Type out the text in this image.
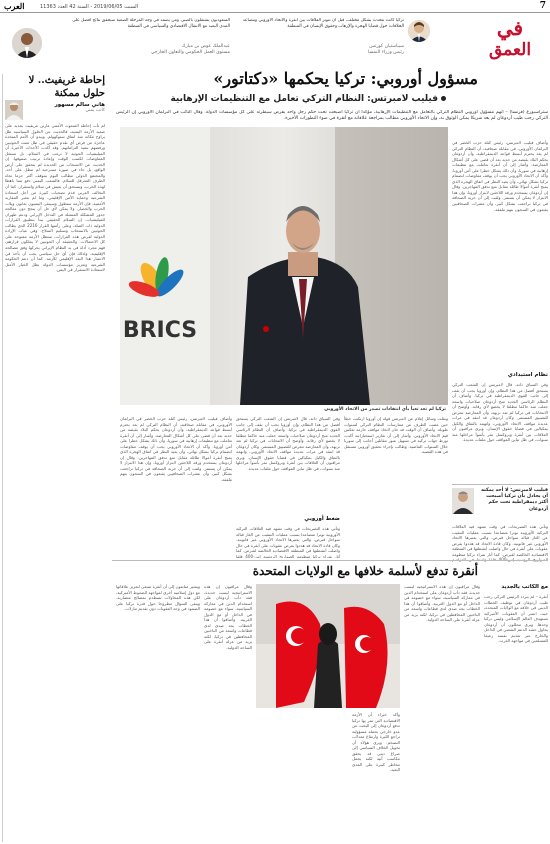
7
العرب	السبت 2019/06/05 - السنة 42 العدد 11363
في
العمق
تركيا كانت تتحدث بشكل مختلف، قبل أن تتوتر العلاقات بين أنقرة والاتحاد الأوروبي وتتصاعد الخلافات حول قضايا الهجرة والإرهاب وحقوق الإنسان في المنطقة
سيباستيان كورتس
رئيس وزراء النمسا
السعوديون يشتغلون بالصبر، ومن يصمد في وجه المرحلة الصعبة سيحقق نتائج أفضل على المدى البعيد مع الانتقال الاقتصادي والسياسي في المنطقة
عبدالملك عوض بن مبارك
مستوى العمل الحكومي والتعاون الخارجي
إحاطة غريفيث.. لا حلول ممكنة
هاني سالم مسهور
كاتب يمني
لم تأت إحاطة المبعوث الأممي مارتن غريفيث بجديد على صعيد الأزمة اليمنية، فالحديث عن الحلول السياسية ظل يراوح مكانه منذ اتفاق ستوكهولم. ويبدو أن الأمم المتحدة عاجزة عن فرض أي تقدم حقيقي في ظل تعنت الحوثيين ورفضهم تنفيذ التزاماتهم. وقد أكدت الأحداث الأخيرة أن الميليشيات الحوثية لا ترغب في السلام، بل تستغل المفاوضات لكسب الوقت وإعادة ترتيب صفوفها. إن الحديث عن الانسحاب من الحديدة لم يتحقق على أرض الواقع، بل جاء في صورة مسرحية لم تنطل على أحد. والمجتمع الدولي مطالب اليوم بموقف أكثر حزما تجاه الطرف المعرقل للسلام. فالشعب اليمني دفع ثمنا باهظا لهذه الحرب، ويستحق أن يعيش في سلام واستقرار. كما أن التحالف العربي قدم تضحيات كبيرة من أجل استعادة الشرعية وحماية الأمن الإقليمي. وما لم تتغير المقاربة الأممية، فإن الأزمة ستطول وسيبقى اليمنيون يعانون ويلات الحرب والحصار. ولا يمكن لأي حل أن ينجح دون معالجة جذور المشكلة المتمثلة في التدخل الإيراني ودعم طهران للميليشيات. إن السلام الحقيقي يبدأ بتطبيق القرارات الدولية ذات الصلة، وعلى رأسها القرار 2216 الذي يطالب الحوثيين بالانسحاب وتسليم السلاح. وفي غياب الإرادة الدولية لفرض هذه القرارات، ستظل الأزمة مفتوحة على كل الاحتمالات. والحقيقة أن الحوثيين لا يملكون قرارهم، فهم مجرد أداة في يد النظام الإيراني يحركها وفق مصالحه الإقليمية. ولذلك فإن أي حل سياسي يجب أن يأخذ في الاعتبار هذا البعد الإقليمي للأزمة. كما أن دعم الحكومة الشرعية وتعزيز مؤسسات الدولة يظل الخيار الأمثل لاستعادة الاستقرار في اليمن.
مسؤول أوروبي: تركيا يحكمها «دكتاتور»
فيليب لامبرتس: النظام التركي تعامل مع التنظيمات الإرهابية
ستراسبورغ (فرنسا) – اتهم مسؤول أوروبي النظام التركي بالتعامل مع التنظيمات الإرهابية، مؤكدا أن تركيا أصبحت تحت حكم رجل واحد يفرض سيطرته على كل مؤسسات الدولة. وقال النائب في البرلمان الأوروبي إن الرئيس التركي رجب طيب أردوغان لم يعد شريكا يمكن الوثوق به، وإن الاتحاد الأوروبي مطالب بمراجعة علاقاته مع أنقرة في ضوء التطورات الأخيرة.
وأضاف فيليب لامبرتس، رئيس كتلة حزب الخضر في البرلمان الأوروبي، في مقابلة صحافية، أن النظام التركي لم يعد يحترم أبسط قواعد الديمقراطية، وأن أردوغان يحكم البلاد بقبضة من حديد بعد أن قضى على كل أشكال المعارضة. وأشار إلى أن أنقرة تعاملت مع تنظيمات إرهابية في سوريا، وأن ذلك يشكل خطرا على أمن أوروبا. وأكد أن الاتحاد الأوروبي يجب أن يوقف مفاوضات انضمام تركيا بشكل نهائي، وأن يعيد النظر في اتفاق الهجرة الذي يمنح أنقرة أموالا طائلة مقابل منع تدفق المهاجرين. وقال إن أردوغان يستخدم ورقة اللاجئين لابتزاز أوروبا، وإن هذا الابتزاز لا يمكن أن يستمر. ولفت إلى أن حرية الصحافة في تركيا تراجعت بشكل كبير، وأن عشرات الصحافيين يقبعون في السجون بتهم ملفقة.
نظام استبدادي
وفي السياق ذاته، قال لامبرتس إن الشعب التركي يستحق أفضل من هذا النظام، وإن أوروبا يجب أن تقف إلى جانب القوى الديمقراطية في تركيا. وأضاف أن النظام الرئاسي الجديد منح أردوغان صلاحيات واسعة جعلت منه حاكما مطلقا لا يخضع لأي رقابة. وأوضح أن الانتخابات في تركيا لم تعد نزيهة، وأن المعارضة تتعرض للتضييق المستمر. وكان أردوغان قد انتقد في مرات عديدة مواقف الاتحاد الأوروبي، واتهمه بالنفاق والكيل بمكيالين في قضايا حقوق الإنسان. ويرى مراقبون أن العلاقات بين أنقرة وبروكسل تمر بأسوأ مراحلها منذ سنوات، في ظل تباين المواقف حول ملفات عديدة.
فيليب لامبرتس: لا أحد يمكنه أن يجادل بأن تركيا أصبحت أكثر ديمقراطية تحت حكم أردوغان
وتأتي هذه التصريحات في وقت تشهد فيه العلاقات التركية الأوروبية توترا متصاعدا بسبب عمليات التنقيب عن الغاز قبالة سواحل قبرص، والتي يعتبرها الاتحاد الأوروبي غير قانونية. وكان قادة الاتحاد قد هددوا بفرض عقوبات على أنقرة في حال واصلت أنشطتها في المنطقة الاقتصادية الخالصة لقبرص. كما أثار شراء تركيا منظومة
BRICS
تركيا لم تعد تعبأ بأي انتقادات تصدر من الاتحاد الأوروبي
ونقلت وسائل إعلام عن لامبرتس قوله إن أوروبا ارتكبت خطأ حين غضت الطرف عن ممارسات النظام التركي لسنوات طويلة. وأضاف أن الوقت قد حان لاتخاذ مواقف حازمة تعكس قيم الاتحاد الأوروبي. وأشار إلى أن تقارير استخباراتية أكدت تورط جهات تركية في تسهيل عبور مقاتلين أجانب إلى سوريا خلال السنوات الماضية. وطالب بإجراء تحقيق أوروبي مستقل في هذه القضية.
ضغط أوروبي
وفي السياق ذاته، قال لامبرتس إن الشعب التركي يستحق أفضل من هذا النظام، وإن أوروبا يجب أن تقف إلى جانب القوى الديمقراطية في تركيا. وأضاف أن النظام الرئاسي الجديد منح أردوغان صلاحيات واسعة جعلت منه حاكما مطلقا لا يخضع لأي رقابة. وأوضح أن الانتخابات في تركيا لم تعد نزيهة، وأن المعارضة تتعرض للتضييق المستمر. وكان أردوغان قد انتقد في مرات عديدة مواقف الاتحاد الأوروبي، واتهمه بالنفاق والكيل بمكيالين في قضايا حقوق الإنسان. ويرى مراقبون أن العلاقات بين أنقرة وبروكسل تمر بأسوأ مراحلها منذ سنوات، في ظل تباين المواقف حول ملفات عديدة.
وتأتي هذه التصريحات في وقت تشهد فيه العلاقات التركية الأوروبية توترا متصاعدا بسبب عمليات التنقيب عن الغاز قبالة سواحل قبرص، والتي يعتبرها الاتحاد الأوروبي غير قانونية. وكان قادة الاتحاد قد هددوا بفرض عقوبات على أنقرة في حال واصلت أنشطتها في المنطقة الاقتصادية الخالصة لقبرص. كما أثار شراء تركيا منظومة الصواريخ الروسية إس-400 قلقا
وأضاف فيليب لامبرتس، رئيس كتلة حزب الخضر في البرلمان الأوروبي، في مقابلة صحافية، أن النظام التركي لم يعد يحترم أبسط قواعد الديمقراطية، وأن أردوغان يحكم البلاد بقبضة من حديد بعد أن قضى على كل أشكال المعارضة. وأشار إلى أن أنقرة تعاملت مع تنظيمات إرهابية في سوريا، وأن ذلك يشكل خطرا على أمن أوروبا. وأكد أن الاتحاد الأوروبي يجب أن يوقف مفاوضات انضمام تركيا بشكل نهائي، وأن يعيد النظر في اتفاق الهجرة الذي يمنح أنقرة أموالا طائلة مقابل منع تدفق المهاجرين. وقال إن أردوغان يستخدم ورقة اللاجئين لابتزاز أوروبا، وإن هذا الابتزاز لا يمكن أن يستمر. ولفت إلى أن حرية الصحافة في تركيا تراجعت بشكل كبير، وأن عشرات الصحافيين يقبعون في السجون بتهم ملفقة.
أنقرة تدفع لأسلمة خلافها مع الولايات المتحدة
مع الكاتب بالجديد
أنقرة – لم يتردد الرئيس التركي رجب طيب أردوغان في توظيف الخطاب الديني في خلافه مع الولايات المتحدة، حيث اعتبر أن العقوبات الأميركية تستهدف العالم الإسلامي وليس تركيا وحدها. ويرى محللون أن أردوغان يحاول حشد الدعم الشعبي في الداخل والخارج عبر تقديم نفسه زعيما للمسلمين في مواجهة الغرب.
وقال مراقبون إن هذه الاستراتيجية ليست جديدة، فقد دأب أردوغان على استخدام الدين في معاركه السياسية، سواء مع خصومه في الداخل أو مع الدول الغربية. وأضافوا أن هذا الخطاب يجد صدى لدى قطاعات واسعة من الناخبين المحافظين في تركيا، لكنه يزيد من عزلة أنقرة على الساحة الدولية.
وأكد خبراء أن الأزمة الاقتصادية التي تمر بها تركيا تدفع أردوغان إلى البحث عن عدو خارجي يحمله مسؤولية تراجع الليرة وارتفاع معدلات التضخم. ويرى هؤلاء أن تحويل الخلاف السياسي إلى صراع ديني قد يحقق مكاسب آنية لكنه يحمل مخاطر كبيرة على المدى البعيد.
ويشير متابعون إلى أن أنقرة تسعى لتعزيز علاقاتها مع دول إسلامية أخرى لمواجهة الضغوط الأميركية، لكن هذه المحاولات تصطدم بمصالح متضاربة. ويبقى السؤال مطروحا حول قدرة تركيا على الصمود في وجه العقوبات دون تقديم تنازلات.
وقال مراقبون إن هذه الاستراتيجية ليست جديدة، فقد دأب أردوغان على استخدام الدين في معاركه السياسية، سواء مع خصومه في الداخل أو مع الدول الغربية. وأضافوا أن هذا الخطاب يجد صدى لدى قطاعات واسعة من الناخبين المحافظين في تركيا، لكنه يزيد من عزلة أنقرة على الساحة الدولية.
